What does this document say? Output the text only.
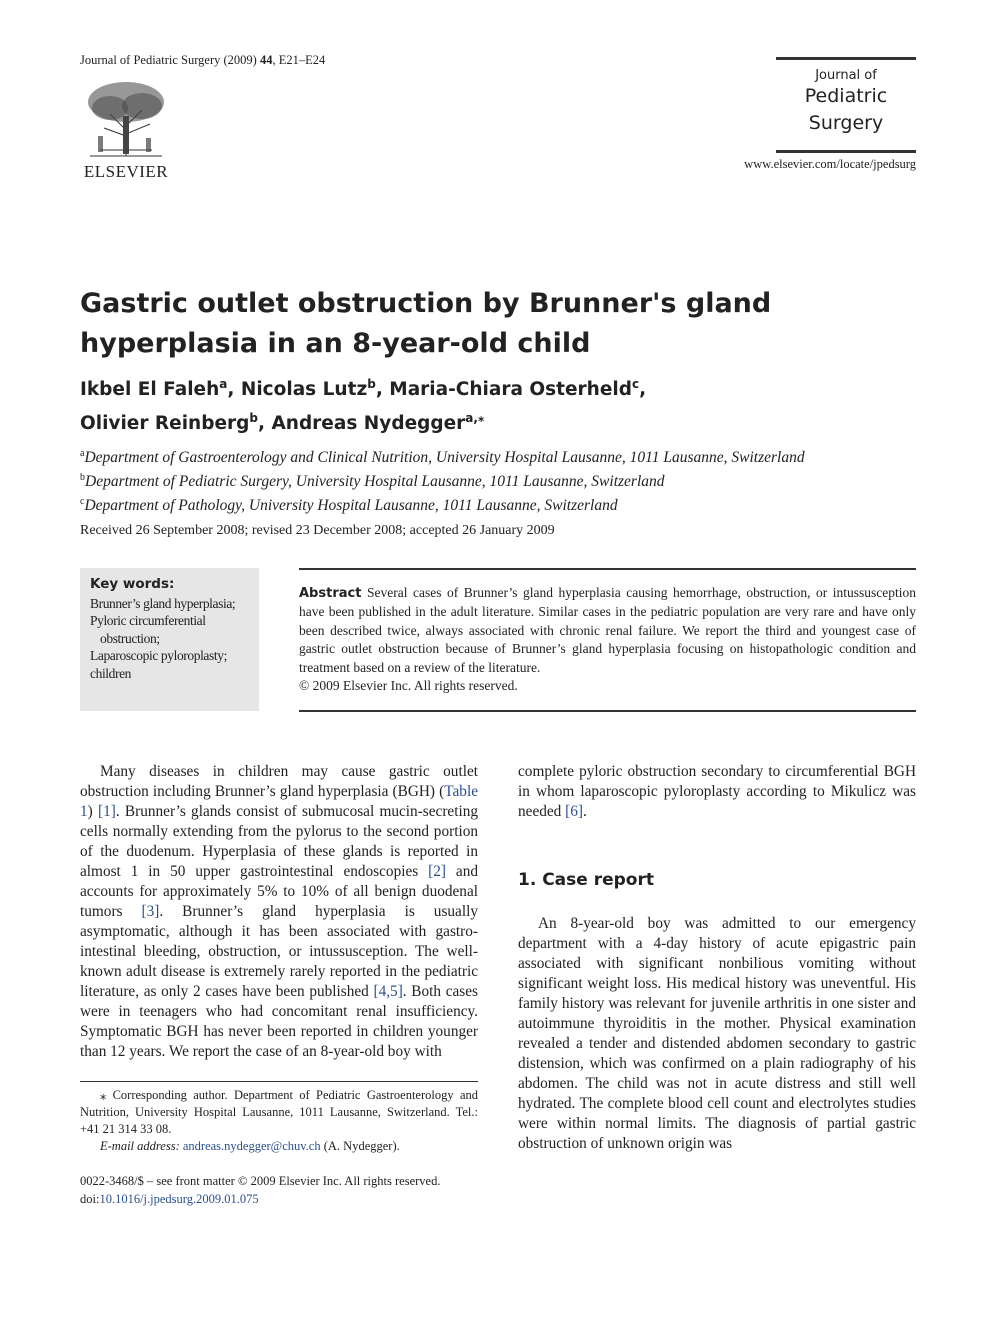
Journal of Pediatric Surgery (2009) 44, E21–E24
ELSEVIER
Journal of
Pediatric
Surgery
www.elsevier.com/locate/jpedsurg
Gastric outlet obstruction by Brunner's gland hyperplasia in an 8-year-old child
Ikbel El Faleh$^a$, Nicolas Lutz$^b$, Maria-Chiara Osterheld$^c$,
Olivier Reinberg$^b$, Andreas Nydegger$^{a,⁎}$
$^a$Department of Gastroenterology and Clinical Nutrition, University Hospital Lausanne, 1011 Lausanne, Switzerland
$^b$Department of Pediatric Surgery, University Hospital Lausanne, 1011 Lausanne, Switzerland
$^c$Department of Pathology, University Hospital Lausanne, 1011 Lausanne, Switzerland
Received 26 September 2008; revised 23 December 2008; accepted 26 January 2009
Key words:
Brunner’s gland hyperplasia;
Pyloric circumferential
obstruction;
Laparoscopic pyloroplasty;
children
Abstract Several cases of Brunner’s gland hyperplasia causing hemorrhage, obstruction, or intussusception have been published in the adult literature. Similar cases in the pediatric population are very rare and have only been described twice, always associated with chronic renal failure. We report the third and youngest case of gastric outlet obstruction because of Brunner’s gland hyperplasia focusing on histopathologic condition and treatment based on a review of the literature.
© 2009 Elsevier Inc. All rights reserved.
Many diseases in children may cause gastric outlet obstruction including Brunner’s gland hyperplasia (BGH) (Table 1) [1]. Brunner’s glands consist of submucosal mucin-secreting cells normally extending from the pylorus to the second portion of the duodenum. Hyperplasia of these glands is reported in almost 1 in 50 upper gastrointestinal endoscopies [2] and accounts for approximately 5% to 10% of all benign duodenal tumors [3]. Brunner’s gland hyperplasia is usually asymptomatic, although it has been associated with gastro-intestinal bleeding, obstruction, or intussusception. The well-known adult disease is extremely rarely reported in the pediatric literature, as only 2 cases have been published [4,5]. Both cases were in teenagers who had concomitant renal insufficiency. Symptomatic BGH has never been reported in children younger than 12 years. We report the case of an 8-year-old boy with
complete pyloric obstruction secondary to circumferential BGH in whom laparoscopic pyloroplasty according to Mikulicz was needed [6].
1. Case report
An 8-year-old boy was admitted to our emergency department with a 4-day history of acute epigastric pain associated with significant nonbilious vomiting without significant weight loss. His medical history was uneventful. His family history was relevant for juvenile arthritis in one sister and autoimmune thyroiditis in the mother. Physical examination revealed a tender and distended abdomen secondary to gastric distension, which was confirmed on a plain radiography of his abdomen. The child was not in acute distress and still well hydrated. The complete blood cell count and electrolytes studies were within normal limits. The diagnosis of partial gastric obstruction of unknown origin was
⁎ Corresponding author. Department of Pediatric Gastroenterology and Nutrition, University Hospital Lausanne, 1011 Lausanne, Switzerland. Tel.: +41 21 314 33 08.
E-mail address: andreas.nydegger@chuv.ch (A. Nydegger).
0022-3468/$ – see front matter © 2009 Elsevier Inc. All rights reserved.
doi:10.1016/j.jpedsurg.2009.01.075
